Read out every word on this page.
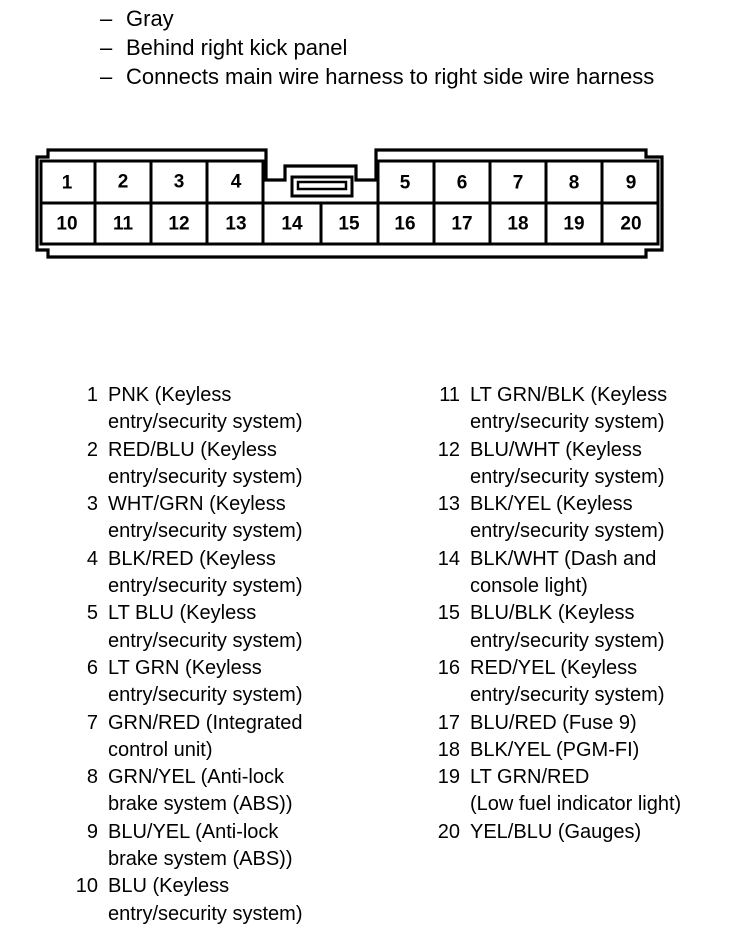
– Gray
– Behind right kick panel
– Connects main wire harness to right side wire harness
1 2 3 4	5 6 7 8 9
10 11 12 13 14 15 16 17 18 19 20
1 PNK (Keyless
entry/security system)
2 RED/BLU (Keyless
entry/security system)
3 WHT/GRN (Keyless
entry/security system)
4 BLK/RED (Keyless
entry/security system)
5 LT BLU (Keyless
entry/security system)
6 LT GRN (Keyless
entry/security system)
7 GRN/RED (Integrated
control unit)
8 GRN/YEL (Anti-lock
brake system (ABS))
9 BLU/YEL (Anti-lock
brake system (ABS))
10 BLU (Keyless
entry/security system)
11 LT GRN/BLK (Keyless
entry/security system)
12 BLU/WHT (Keyless
entry/security system)
13 BLK/YEL (Keyless
entry/security system)
14 BLK/WHT (Dash and
console light)
15 BLU/BLK (Keyless
entry/security system)
16 RED/YEL (Keyless
entry/security system)
17 BLU/RED (Fuse 9)
18 BLK/YEL (PGM-FI)
19 LT GRN/RED
(Low fuel indicator light)
20 YEL/BLU (Gauges)
